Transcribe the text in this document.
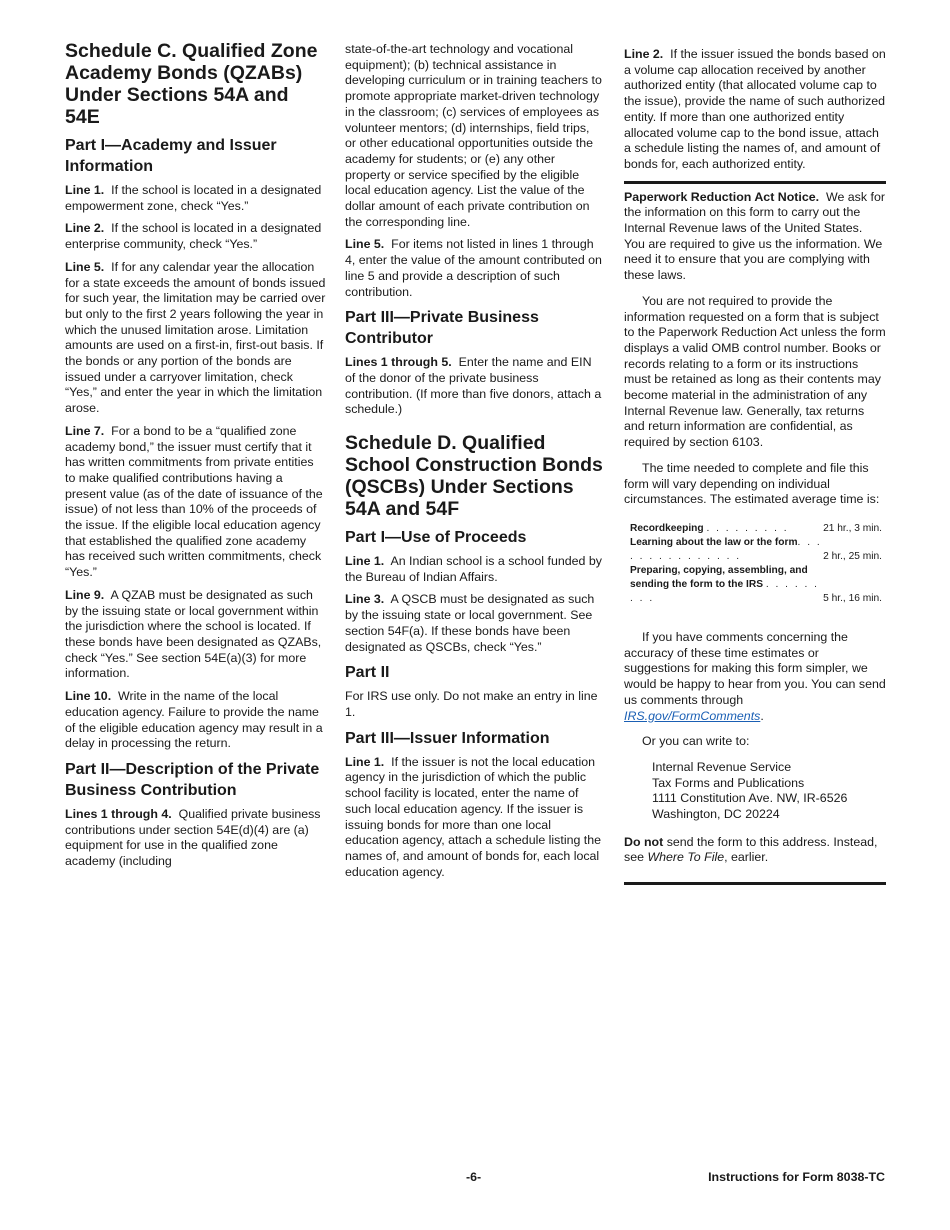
Schedule C. Qualified Zone Academy Bonds (QZABs) Under Sections 54A and 54E
Part I—Academy and Issuer Information

Line 1. If the school is located in a designated empowerment zone, check “Yes.”

Line 2. If the school is located in a designated enterprise community, check “Yes.”

Line 5. If for any calendar year the allocation for a state exceeds the amount of bonds issued for such year, the limitation may be carried over but only to the first 2 years following the year in which the unused limitation arose. Limitation amounts are used on a first-in, first-out basis. If the bonds or any portion of the bonds are issued under a carryover limitation, check “Yes,” and enter the year in which the limitation arose.

Line 7. For a bond to be a “qualified zone academy bond,” the issuer must certify that it has written commitments from private entities to make qualified contributions having a present value (as of the date of issuance of the issue) of not less than 10% of the proceeds of the issue. If the eligible local education agency that established the qualified zone academy has received such written commitments, check “Yes.”

Line 9. A QZAB must be designated as such by the issuing state or local government within the jurisdiction where the school is located. If these bonds have been designated as QZABs, check “Yes.” See section 54E(a)(3) for more information.

Line 10. Write in the name of the local education agency. Failure to provide the name of the eligible education agency may result in a delay in processing the return.

Part II—Description of the Private Business Contribution

Lines 1 through 4. Qualified private business contributions under section 54E(d)(4) are (a) equipment for use in the qualified zone academy (including

state-of-the-art technology and vocational equipment); (b) technical assistance in developing curriculum or in training teachers to promote appropriate market-driven technology in the classroom; (c) services of employees as volunteer mentors; (d) internships, field trips, or other educational opportunities outside the academy for students; or (e) any other property or service specified by the eligible local education agency. List the value of the dollar amount of each private contribution on the corresponding line.

Line 5. For items not listed in lines 1 through 4, enter the value of the amount contributed on line 5 and provide a description of such contribution.

Part III—Private Business Contributor

Lines 1 through 5. Enter the name and EIN of the donor of the private business contribution. (If more than five donors, attach a schedule.)

Schedule D. Qualified School Construction Bonds (QSCBs) Under Sections 54A and 54F
Part I—Use of Proceeds

Line 1. An Indian school is a school funded by the Bureau of Indian Affairs.

Line 3. A QSCB must be designated as such by the issuing state or local government. See section 54F(a). If these bonds have been designated as QSCBs, check “Yes.”

Part II

For IRS use only. Do not make an entry in line 1.

Part III—Issuer Information

Line 1. If the issuer is not the local education agency in the jurisdiction of which the public school facility is located, enter the name of such local education agency. If the issuer is issuing bonds for more than one local education agency, attach a schedule listing the names of, and amount of bonds for, each local education agency.

Line 2. If the issuer issued the bonds based on a volume cap allocation received by another authorized entity (that allocated volume cap to the issue), provide the name of such authorized entity. If more than one authorized entity allocated volume cap to the bond issue, attach a schedule listing the names of, and amount of bonds for, each authorized entity.

Paperwork Reduction Act Notice. We ask for the information on this form to carry out the Internal Revenue laws of the United States. You are required to give us the information. We need it to ensure that you are complying with these laws.

You are not required to provide the information requested on a form that is subject to the Paperwork Reduction Act unless the form displays a valid OMB control number. Books or records relating to a form or its instructions must be retained as long as their contents may become material in the administration of any Internal Revenue law. Generally, tax returns and return information are confidential, as required by section 6103.

The time needed to complete and file this form will vary depending on individual circumstances. The estimated average time is:

Recordkeeping . . . . . . . . .	21 hr., 3 min.
Learning about the law or the form. . . . . . . . . . . . . . .	2 hr., 25 min.
Preparing, copying, assembling, and sending the form to the IRS . . . . . . . . .	5 hr., 16 min.

If you have comments concerning the accuracy of these time estimates or suggestions for making this form simpler, we would be happy to hear from you. You can send us comments through IRS.gov/FormComments.

Or you can write to:

Internal Revenue Service
Tax Forms and Publications
1111 Constitution Ave. NW, IR-6526
Washington, DC 20224

Do not send the form to this address. Instead, see Where To File, earlier.

-6-	Instructions for Form 8038-TC
